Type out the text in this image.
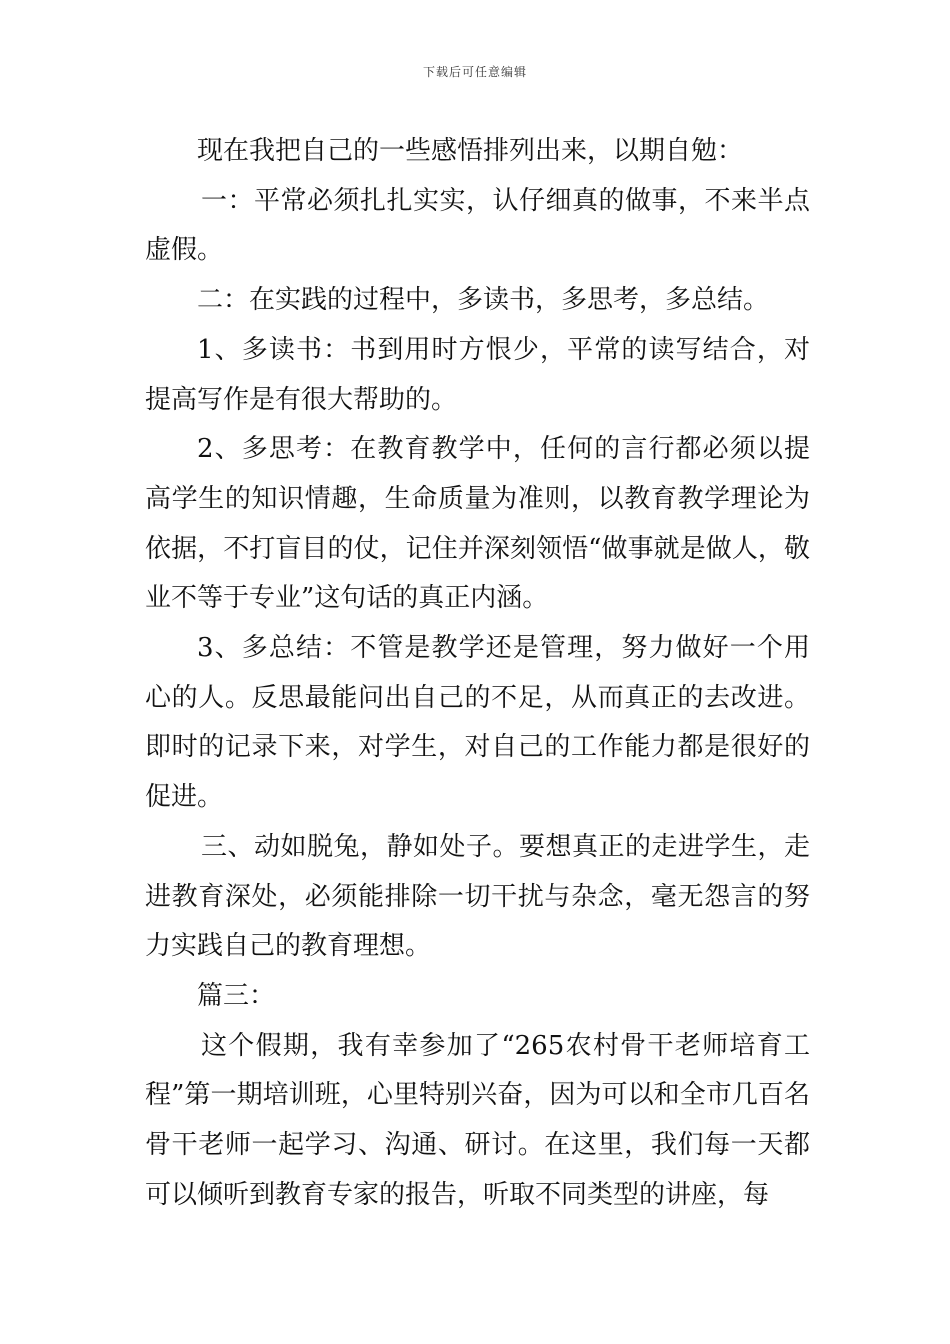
下载后可任意编辑

现在我把自己的一些感悟排列出来，以期自勉：

一：平常必须扎扎实实，认仔细真的做事，不来半点虚假。

二：在实践的过程中，多读书，多思考，多总结。

1、多读书：书到用时方恨少，平常的读写结合，对提高写作是有很大帮助的。

2、多思考：在教育教学中，任何的言行都必须以提高学生的知识情趣，生命质量为准则，以教育教学理论为依据，不打盲目的仗，记住并深刻领悟“做事就是做人，敬业不等于专业”这句话的真正内涵。

3、多总结：不管是教学还是管理，努力做好一个用心的人。反思最能问出自己的不足，从而真正的去改进。即时的记录下来，对学生，对自己的工作能力都是很好的促进。

三、动如脱兔，静如处子。要想真正的走进学生，走进教育深处，必须能排除一切干扰与杂念，毫无怨言的努力实践自己的教育理想。

篇三：

这个假期，我有幸参加了“265农村骨干老师培育工程”第一期培训班，心里特别兴奋，因为可以和全市几百名骨干老师一起学习、沟通、研讨。在这里，我们每一天都可以倾听到教育专家的报告，听取不同类型的讲座，每
